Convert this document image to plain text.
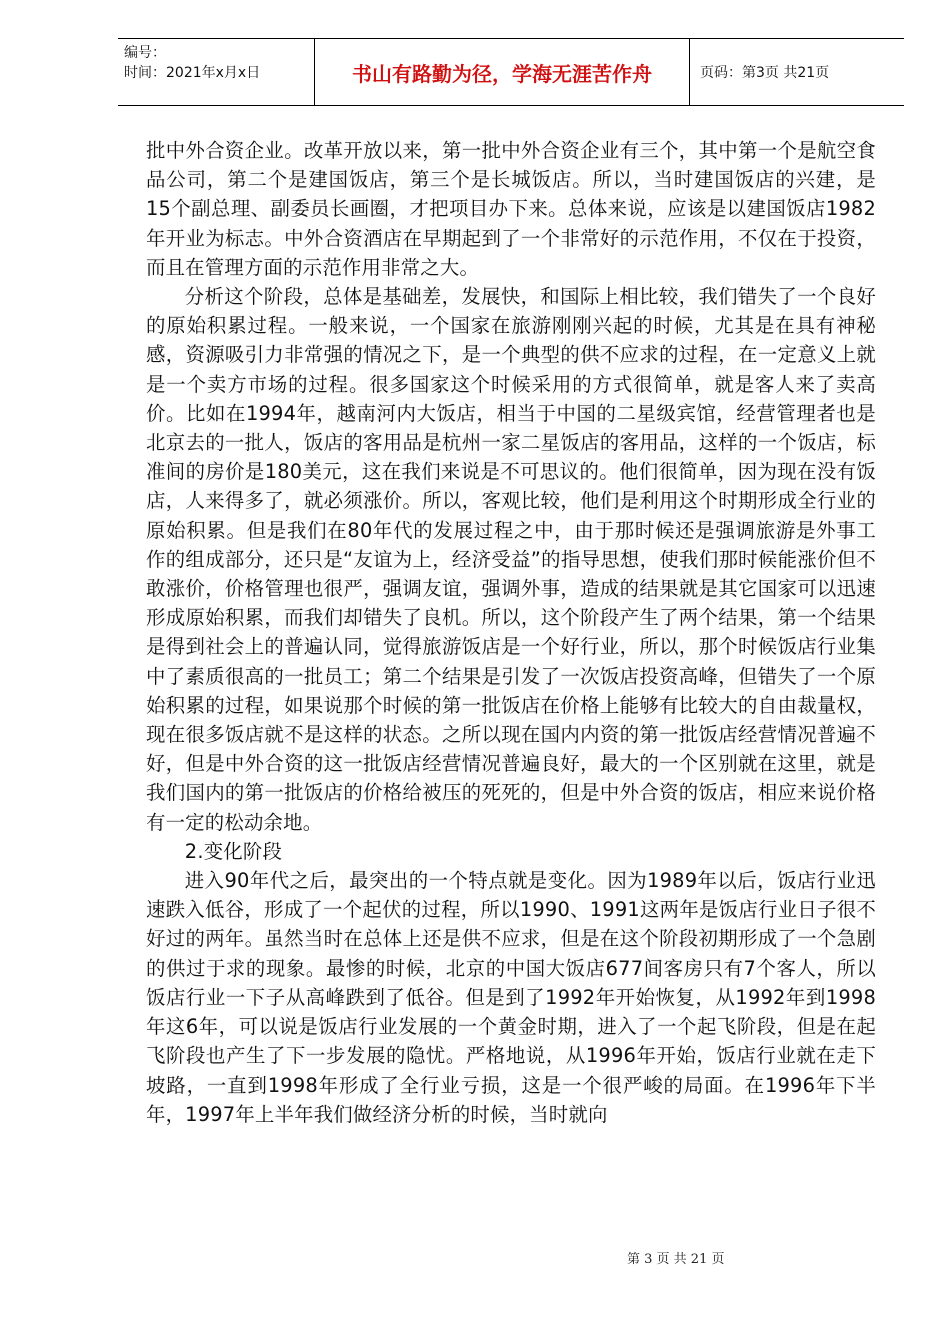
编号：
时间：2021年x月x日	书山有路勤为径，学海无涯苦作舟	页码：第3页 共21页

批中外合资企业。改革开放以来，第一批中外合资企业有三个，其中第一个是航空食品公司，第二个是建国饭店，第三个是长城饭店。所以，当时建国饭店的兴建，是15个副总理、副委员长画圈，才把项目办下来。总体来说，应该是以建国饭店1982年开业为标志。中外合资酒店在早期起到了一个非常好的示范作用，不仅在于投资，而且在管理方面的示范作用非常之大。

分析这个阶段，总体是基础差，发展快，和国际上相比较，我们错失了一个良好的原始积累过程。一般来说，一个国家在旅游刚刚兴起的时候，尤其是在具有神秘感，资源吸引力非常强的情况之下，是一个典型的供不应求的过程，在一定意义上就是一个卖方市场的过程。很多国家这个时候采用的方式很简单，就是客人来了卖高价。比如在1994年，越南河内大饭店，相当于中国的二星级宾馆，经营管理者也是北京去的一批人，饭店的客用品是杭州一家二星饭店的客用品，这样的一个饭店，标准间的房价是180美元，这在我们来说是不可思议的。他们很简单，因为现在没有饭店，人来得多了，就必须涨价。所以，客观比较，他们是利用这个时期形成全行业的原始积累。但是我们在80年代的发展过程之中，由于那时候还是强调旅游是外事工作的组成部分，还只是“友谊为上，经济受益”的指导思想，使我们那时候能涨价但不敢涨价，价格管理也很严，强调友谊，强调外事，造成的结果就是其它国家可以迅速形成原始积累，而我们却错失了良机。所以，这个阶段产生了两个结果，第一个结果是得到社会上的普遍认同，觉得旅游饭店是一个好行业，所以，那个时候饭店行业集中了素质很高的一批员工；第二个结果是引发了一次饭店投资高峰，但错失了一个原始积累的过程，如果说那个时候的第一批饭店在价格上能够有比较大的自由裁量权，现在很多饭店就不是这样的状态。之所以现在国内内资的第一批饭店经营情况普遍不好，但是中外合资的这一批饭店经营情况普遍良好，最大的一个区别就在这里，就是我们国内的第一批饭店的价格给被压的死死的，但是中外合资的饭店，相应来说价格有一定的松动余地。

2.变化阶段

进入90年代之后，最突出的一个特点就是变化。因为1989年以后，饭店行业迅速跌入低谷，形成了一个起伏的过程，所以1990、1991这两年是饭店行业日子很不好过的两年。虽然当时在总体上还是供不应求，但是在这个阶段初期形成了一个急剧的供过于求的现象。最惨的时候，北京的中国大饭店677间客房只有7个客人，所以饭店行业一下子从高峰跌到了低谷。但是到了1992年开始恢复，从1992年到1998年这6年，可以说是饭店行业发展的一个黄金时期，进入了一个起飞阶段，但是在起飞阶段也产生了下一步发展的隐忧。严格地说，从1996年开始，饭店行业就在走下坡路，一直到1998年形成了全行业亏损，这是一个很严峻的局面。在1996年下半年，1997年上半年我们做经济分析的时候，当时就向

第 3 页 共 21 页
